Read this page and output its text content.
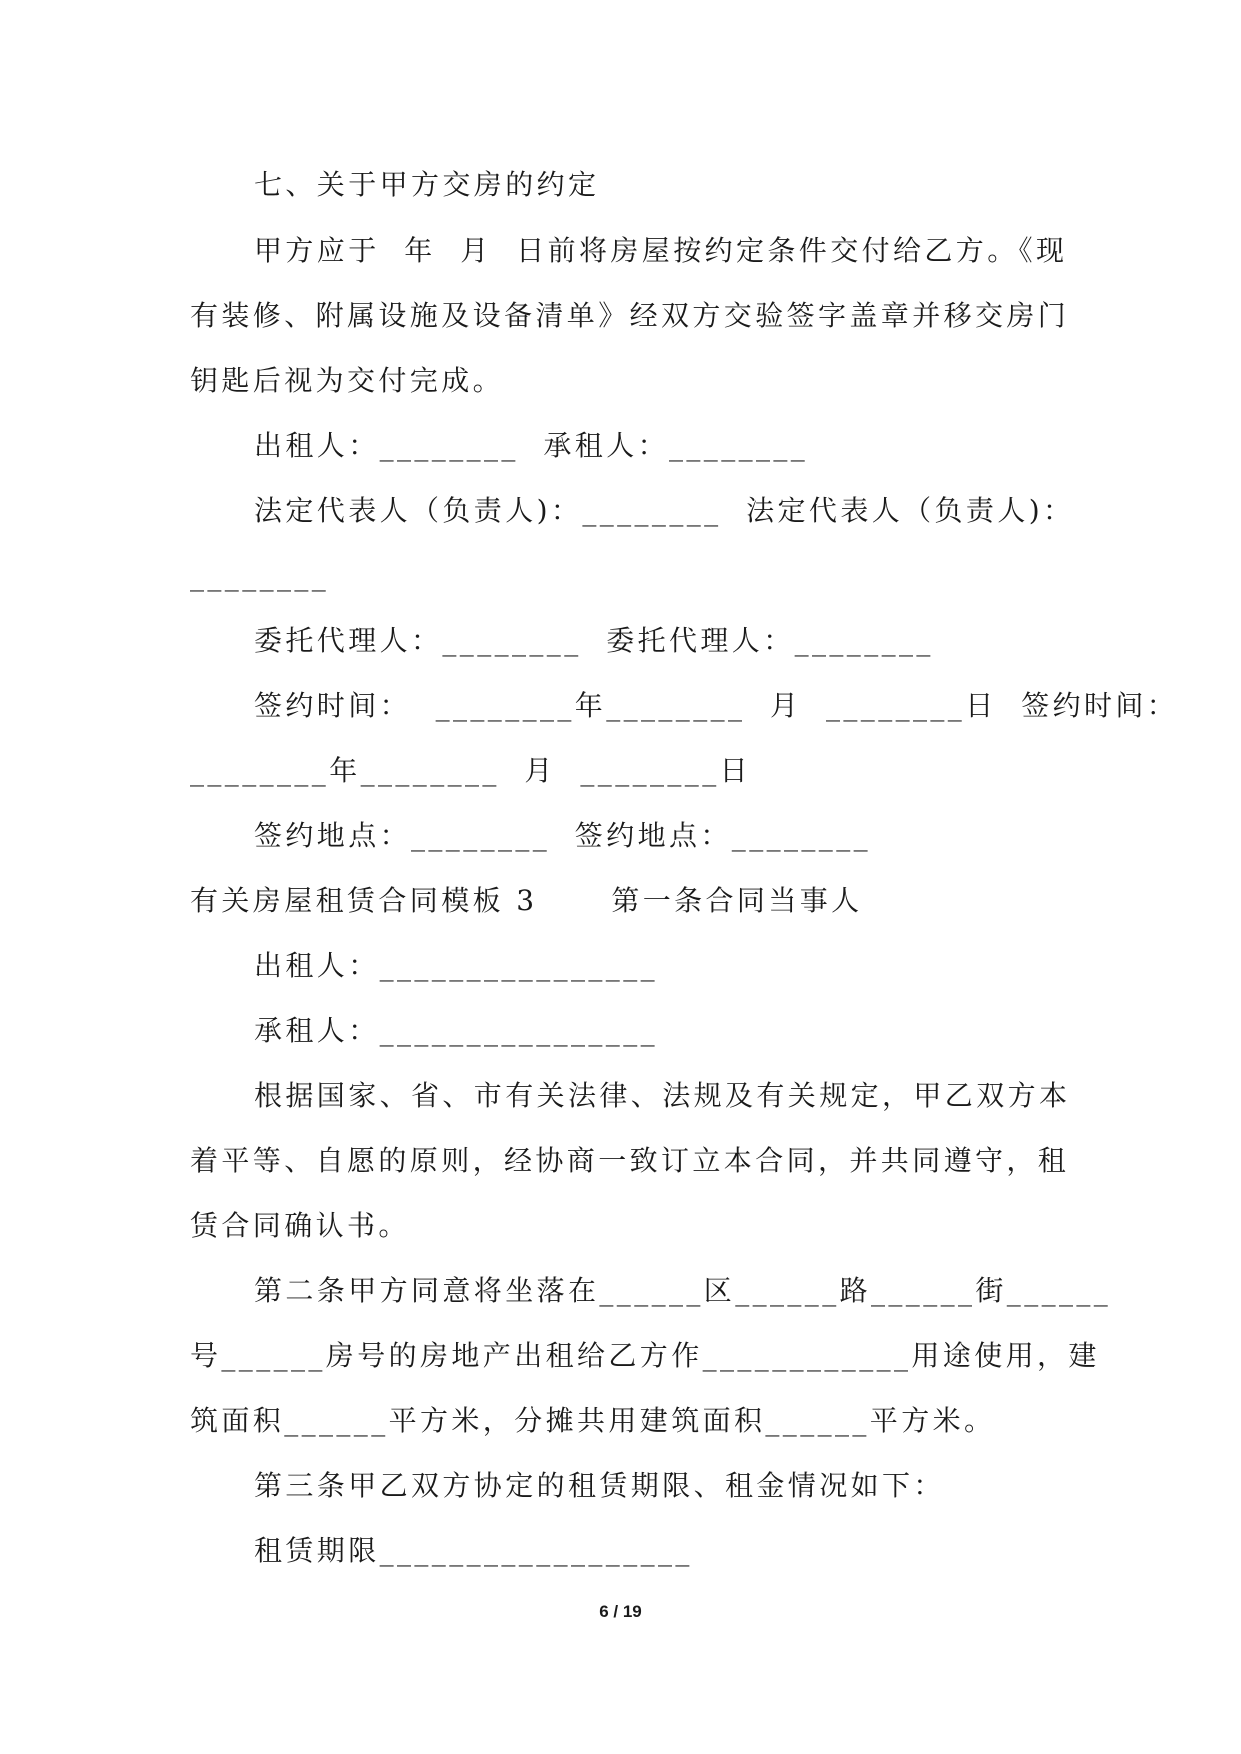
七、关于甲方交房的约定
甲方应于  年  月  日前将房屋按约定条件交付给乙方。《现
有装修、附属设施及设备清单》经双方交验签字盖章并移交房门
钥匙后视为交付完成。
出租人：________  承租人：________
法定代表人（负责人)：________  法定代表人（负责人)：
________
委托代理人：________  委托代理人：________
签约时间：  ________年________  月  ________日  签约时间：
________年________  月  ________日
签约地点：________  签约地点：________
有关房屋租赁合同模板 3      第一条合同当事人
出租人：________________
承租人：________________
根据国家、省、市有关法律、法规及有关规定，甲乙双方本
着平等、自愿的原则，经协商一致订立本合同，并共同遵守，租
赁合同确认书。
第二条甲方同意将坐落在______区______路______街______
号______房号的房地产出租给乙方作____________用途使用，建
筑面积______平方米，分摊共用建筑面积______平方米。
第三条甲乙双方协定的租赁期限、租金情况如下：
租赁期限__________________
6 / 19
